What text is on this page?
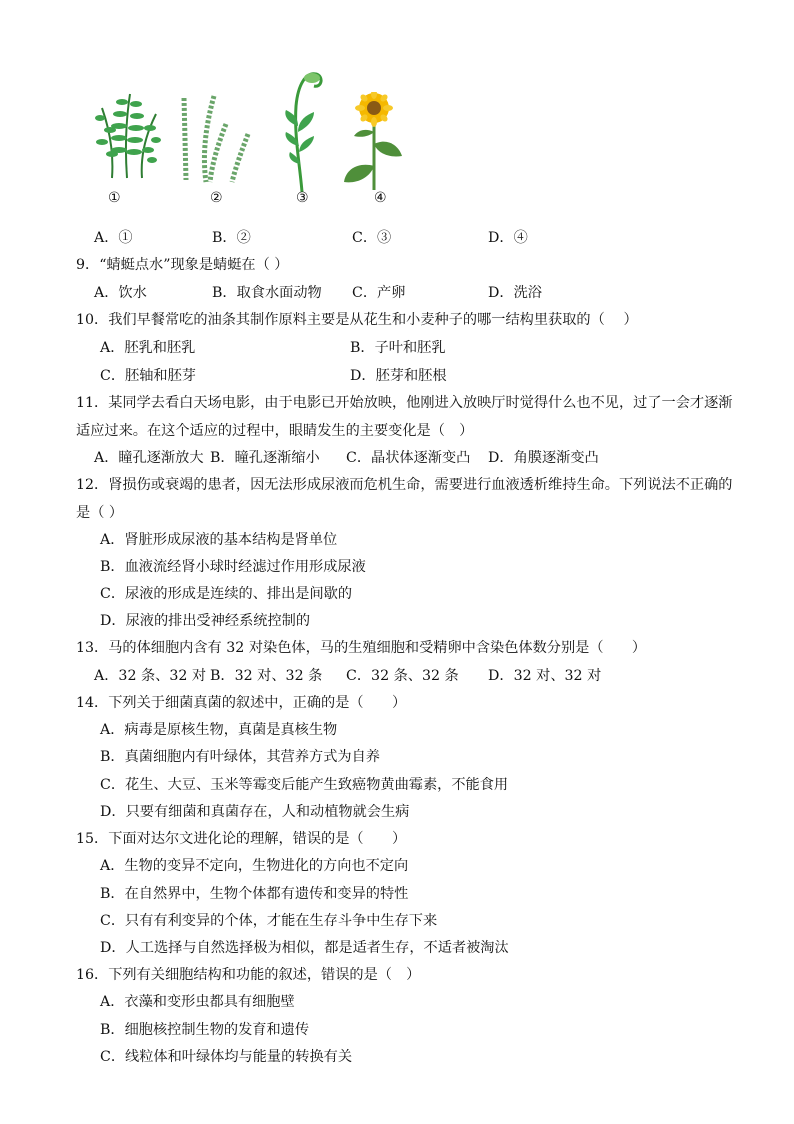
①	②	③	④
A．①	B．②	C．③	D．④
9．“蜻蜓点水”现象是蜻蜓在（ ）
A．饮水	B．取食水面动物 C．产卵	D．洗浴
10．我们早餐常吃的油条其制作原料主要是从花生和小麦种子的哪一结构里获取的（　 ）
A．胚乳和胚乳	B．子叶和胚乳
C．胚轴和胚芽	D．胚芽和胚根
11．某同学去看白天场电影，由于电影已开始放映，他刚进入放映厅时觉得什么也不见，过了一会才逐渐
适应过来。在这个适应的过程中，眼睛发生的主要变化是（　）
A．瞳孔逐渐放大 B．瞳孔逐渐缩小 C．晶状体逐渐变凸 D．角膜逐渐变凸
12．肾损伤或衰竭的患者，因无法形成尿液而危机生命，需要进行血液透析维持生命。下列说法不正确的
是（ ）
A．肾脏形成尿液的基本结构是肾单位
B．血液流经肾小球时经滤过作用形成尿液
C．尿液的形成是连续的、排出是间歇的
D．尿液的排出受神经系统控制的
13．马的体细胞内含有 32 对染色体，马的生殖细胞和受精卵中含染色体数分别是（　　）
A．32 条、32 对 B．32 对、32 条 C．32 条、32 条 D．32 对、32 对
14．下列关于细菌真菌的叙述中，正确的是（　　）
A．病毒是原核生物，真菌是真核生物
B．真菌细胞内有叶绿体，其营养方式为自养
C．花生、大豆、玉米等霉变后能产生致癌物黄曲霉素，不能食用
D．只要有细菌和真菌存在，人和动植物就会生病
15．下面对达尔文进化论的理解，错误的是（　　）
A．生物的变异不定向，生物进化的方向也不定向
B．在自然界中，生物个体都有遗传和变异的特性
C．只有有利变异的个体，才能在生存斗争中生存下来
D．人工选择与自然选择极为相似，都是适者生存，不适者被淘汰
16．下列有关细胞结构和功能的叙述，错误的是（　）
A．衣藻和变形虫都具有细胞壁
B．细胞核控制生物的发育和遗传
C．线粒体和叶绿体均与能量的转换有关
